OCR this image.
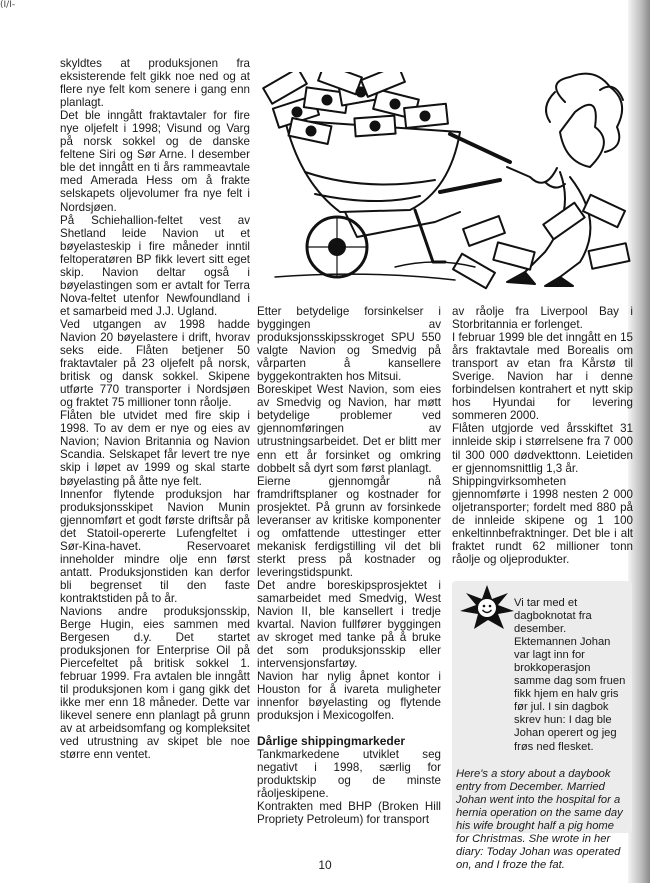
(I/I-

skyldtes at produksjonen fra eksisterende felt gikk noe ned og at flere nye felt kom senere i gang enn planlagt.

Det ble inngått fraktavtaler for fire nye oljefelt i 1998; Visund og Varg på norsk sokkel og de danske feltene Siri og Sør Arne. I desember ble det inngått en ti års rammeavtale med Amerada Hess om å frakte selskapets oljevolumer fra nye felt i Nordsjøen.

På Schiehallion-feltet vest av Shetland leide Navion ut et bøyelasteskip i fire måneder inntil feltoperatøren BP fikk levert sitt eget skip. Navion deltar også i bøyelastingen som er avtalt for Terra Nova-feltet utenfor Newfoundland i et samarbeid med J.J. Ugland.

Ved utgangen av 1998 hadde Navion 20 bøyelastere i drift, hvorav seks eide. Flåten betjener 50 fraktavtaler på 23 oljefelt på norsk, britisk og dansk sokkel. Skipene utførte 770 transporter i Nordsjøen og fraktet 75 millioner tonn råolje.

Flåten ble utvidet med fire skip i 1998. To av dem er nye og eies av Navion; Navion Britannia og Navion Scandia. Selskapet får levert tre nye skip i løpet av 1999 og skal starte bøyelasting på åtte nye felt.

Innenfor flytende produksjon har produksjonsskipet Navion Munin gjennomført et godt første driftsår på det Statoil-opererte Lufengfeltet i Sør-Kina-havet. Reservoaret inneholder mindre olje enn først antatt. Produksjonstiden kan derfor bli begrenset til den faste kontraktstiden på to år.

Navions andre produksjonsskip, Berge Hugin, eies sammen med Bergesen d.y. Det startet produksjonen for Enterprise Oil på Piercefeltet på britisk sokkel 1. februar 1999. Fra avtalen ble inngått til produksjonen kom i gang gikk det ikke mer enn 18 måneder. Dette var likevel senere enn planlagt på grunn av at arbeidsomfang og kompleksitet ved utrustning av skipet ble noe større enn ventet.

Etter betydelige forsinkelser i byggingen av produksjonsskipsskroget SPU 550 valgte Navion og Smedvig på vårparten å kansellere byggekontrakten hos Mitsui.

Boreskipet West Navion, som eies av Smedvig og Navion, har møtt betydelige problemer ved gjennomføringen av utrustningsarbeidet. Det er blitt mer enn ett år forsinket og omkring dobbelt så dyrt som først planlagt.

Eierne gjennomgår nå framdriftsplaner og kostnader for prosjektet. På grunn av forsinkede leveranser av kritiske komponenter og omfattende uttestinger etter mekanisk ferdigstilling vil det bli sterkt press på kostnader og leveringstidspunkt.

Det andre boreskipsprosjektet i samarbeidet med Smedvig, West Navion II, ble kansellert i tredje kvartal. Navion fullfører byggingen av skroget med tanke på å bruke det som produksjonsskip eller intervensjonsfartøy.

Navion har nylig åpnet kontor i Houston for å ivareta muligheter innenfor bøyelasting og flytende produksjon i Mexicogolfen.

Dårlige shippingmarkeder

Tankmarkedene utviklet seg negativt i 1998, særlig for produktskip og de minste råoljeskipene.

Kontrakten med BHP (Broken Hill Propriety Petroleum) for transport

av råolje fra Liverpool Bay i Storbritannia er forlenget.

I februar 1999 ble det inngått en 15 års fraktavtale med Borealis om transport av etan fra Kårstø til Sverige. Navion har i denne forbindelsen kontrahert et nytt skip hos Hyundai for levering sommeren 2000.

Flåten utgjorde ved årsskiftet 31 innleide skip i størrelsene fra 7 000 til 300 000 dødvekttonn. Leietiden er gjennomsnittlig 1,3 år.

Shippingvirksomheten gjennomførte i 1998 nesten 2 000 oljetransporter; fordelt med 880 på de innleide skipene og 1 100 enkeltinnbefraktninger. Det ble i alt fraktet rundt 62 millioner tonn råolje og oljeprodukter.

Vi tar med et dagboknotat fra desember. Ektemannen Johan var lagt inn for brokkoperasjon samme dag som fruen fikk hjem en halv gris før jul. I sin dagbok skrev hun: I dag ble Johan operert og jeg frøs ned flesket.

Here's a story about a daybook entry from December. Married Johan went into the hospital for a hernia operation on the same day his wife brought half a pig home for Christmas. She wrote in her diary: Today Johan was operated on, and I froze the fat.

10
